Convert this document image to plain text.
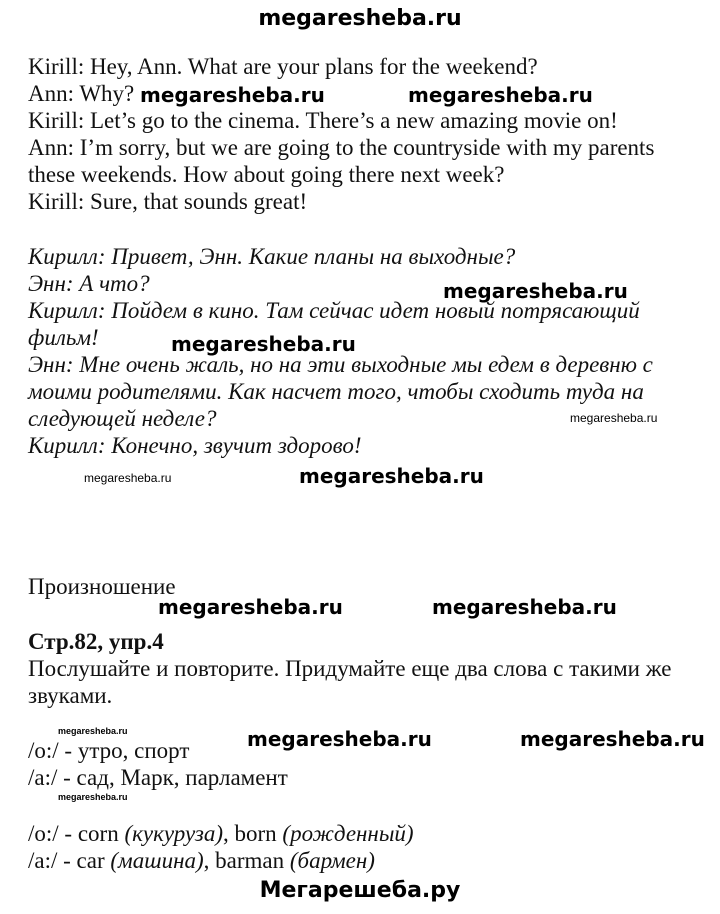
megaresheba.ru
Kirill: Hey, Ann. What are your plans for the weekend?
Ann: Why?
Kirill: Let’s go to the cinema. There’s a new amazing movie on!
Ann: I’m sorry, but we are going to the countryside with my parents
these weekends. How about going there next week?
Kirill: Sure, that sounds great!
megaresheba.ru	megaresheba.ru
Кирилл: Привет, Энн. Какие планы на выходные?
Энн: А что?
Кирилл: Пойдем в кино. Там сейчас идет новый потрясающий
фильм!
Энн: Мне очень жаль, но на эти выходные мы едем в деревню с
моими родителями. Как насчет того, чтобы сходить туда на
следующей неделе?
Кирилл: Конечно, звучит здорово!
megaresheba.ru
megaresheba.ru
megaresheba.ru
megaresheba.ru	megaresheba.ru
Произношение
megaresheba.ru	megaresheba.ru
Стр.82, упр.4
Послушайте и повторите. Придумайте еще два слова с такими же
звуками.
megaresheba.ru
/o:/ - утро, спорт	megaresheba.ru	megaresheba.ru
/a:/ - сад, Марк, парламент
megaresheba.ru
/o:/ - corn (кукуруза), born (рожденный)
/a:/ - car (машина), barman (бармен)
Мегарешеба.ру
